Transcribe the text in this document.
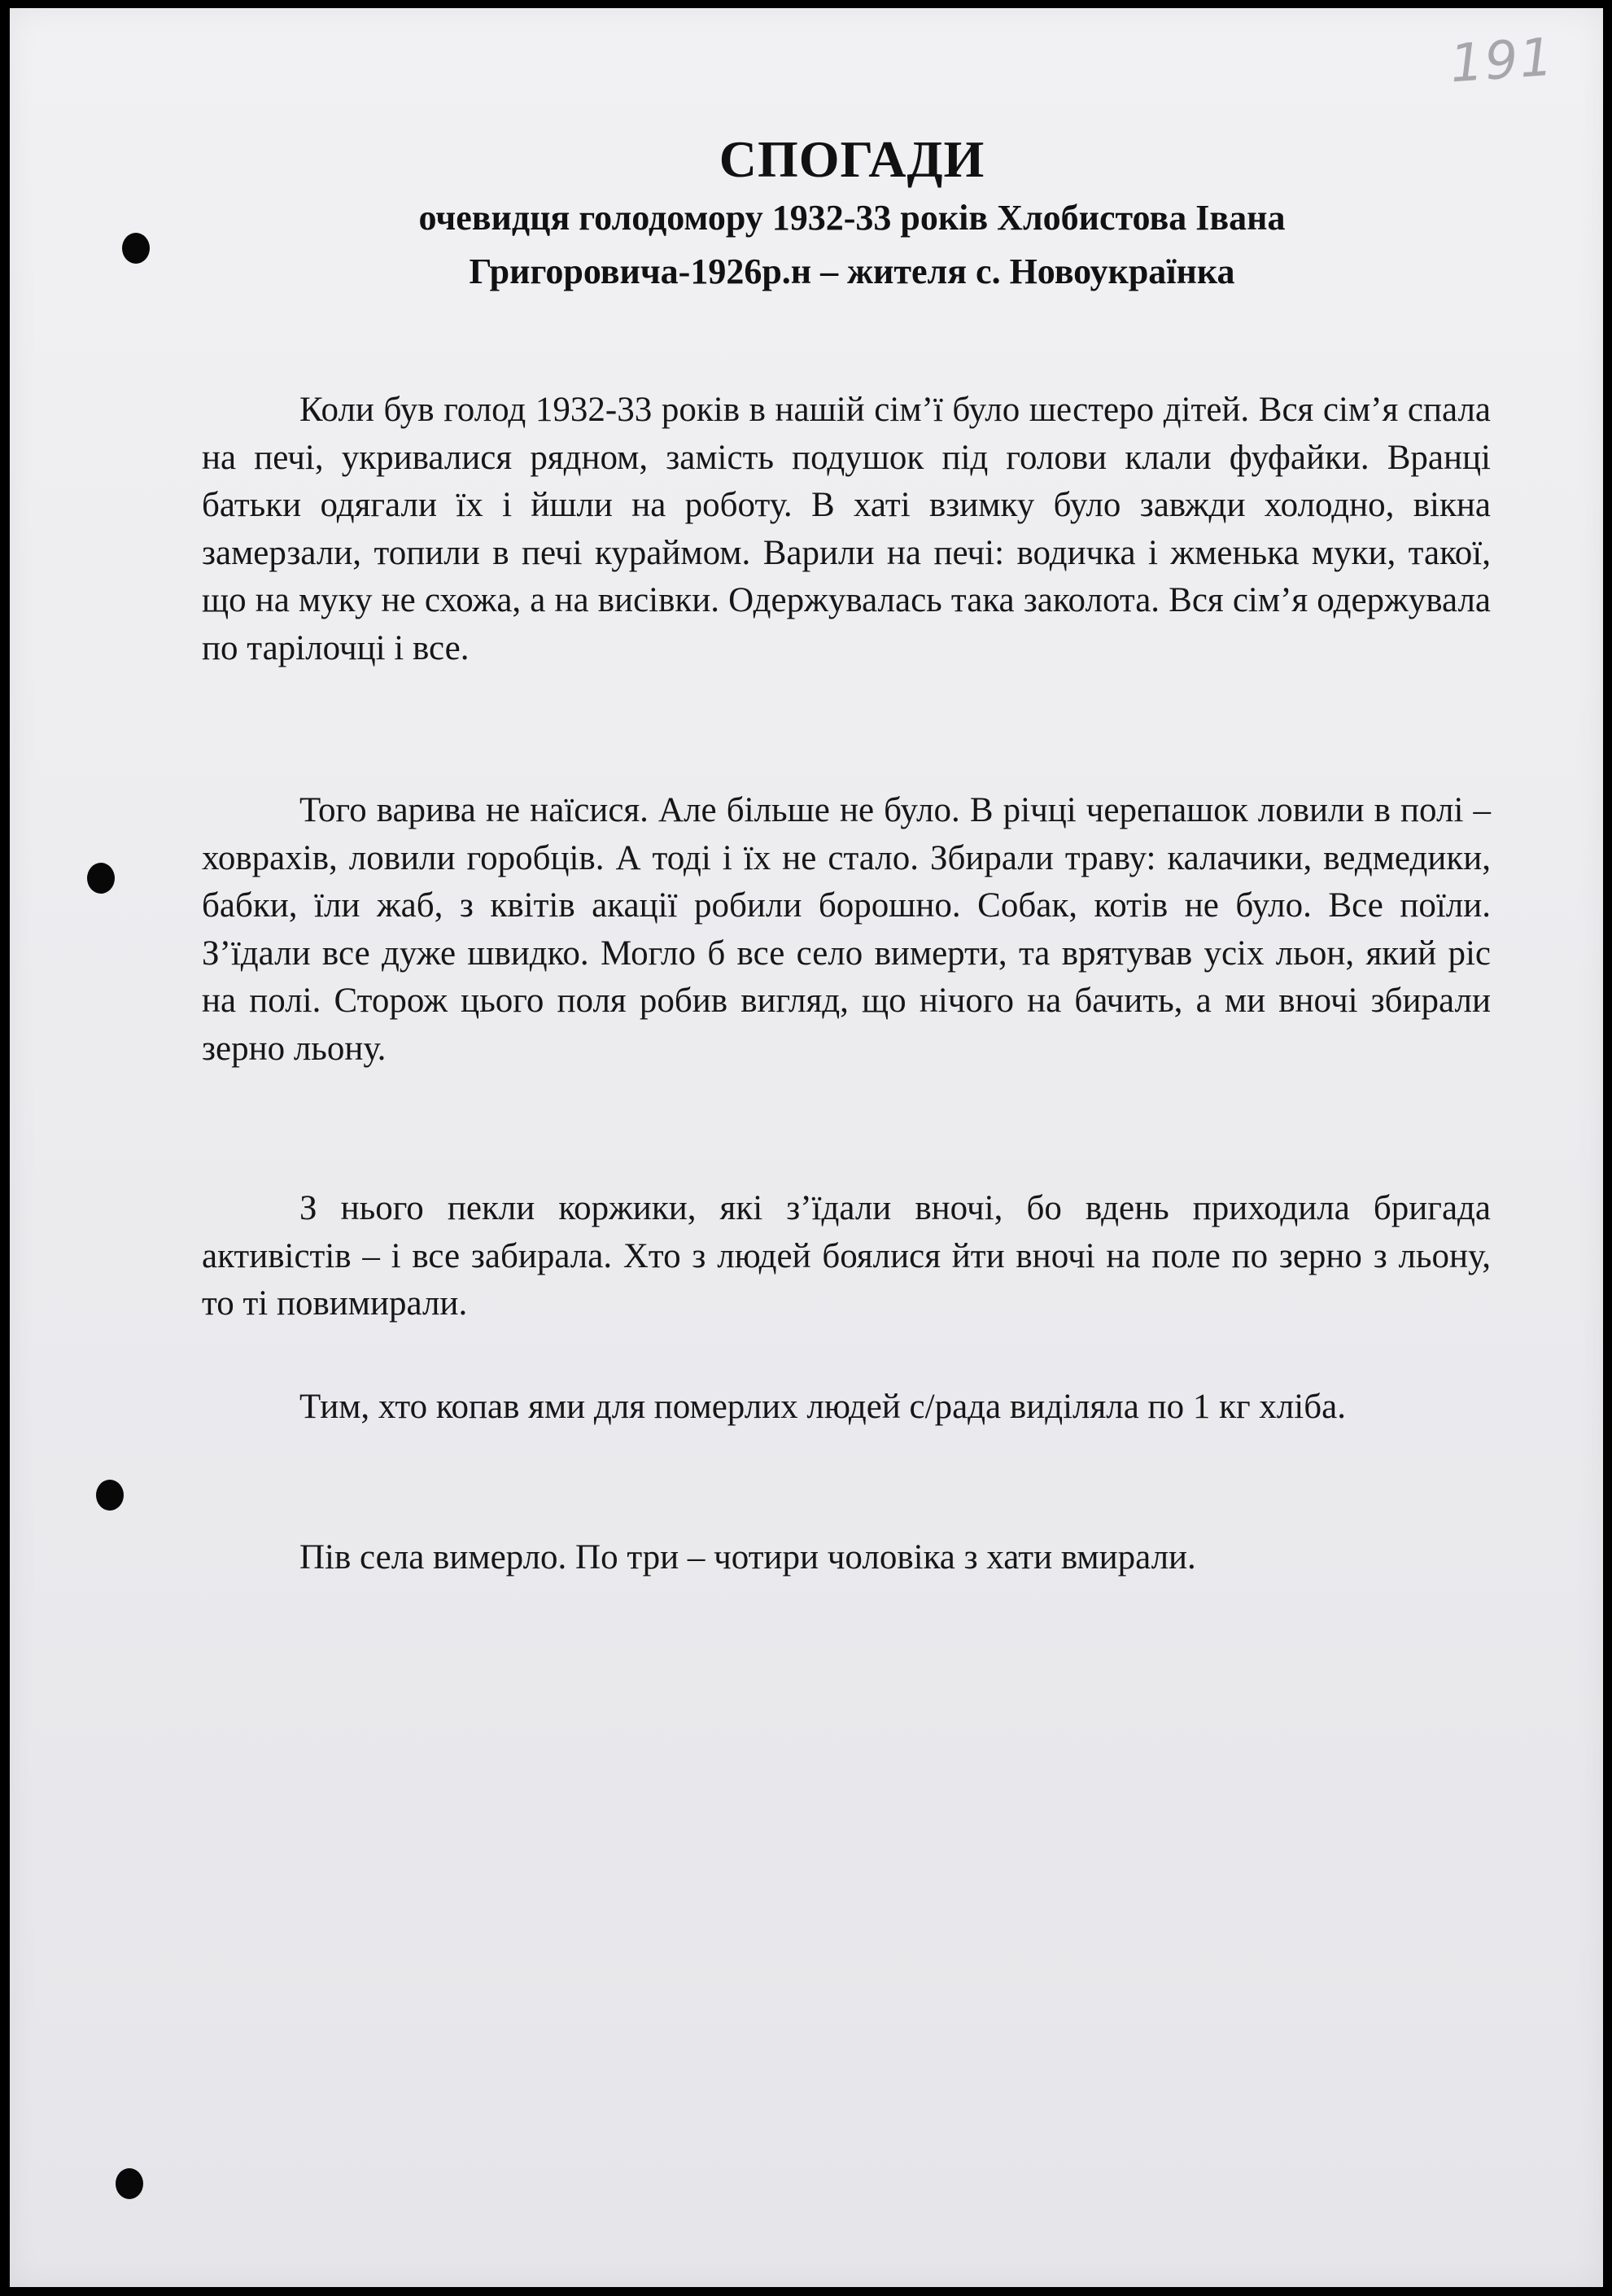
191
СПОГАДИ
очевидця голодомору 1932-33 років Хлобистова Івана
Григоровича-1926р.н – жителя с. Новоукраїнка

Коли був голод 1932-33 років в нашій сім’ї було шестеро дітей. Вся сім’я спала на печі, укривалися рядном, замість подушок під голови клали фуфайки. Вранці батьки одягали їх і йшли на роботу. В хаті взимку було завжди холодно, вікна замерзали, топили в печі кураймом. Варили на печі: водичка і жменька муки, такої, що на муку не схожа, а на висівки. Одержувалась така заколота. Вся сім’я одержувала по тарілочці і все.

Того варива не наїсися. Але більше не було. В річці черепашок ловили в полі – ховрахів, ловили горобців. А тоді і їх не стало. Збирали траву: калачики, ведмедики, бабки, їли жаб, з квітів акації робили борошно. Собак, котів не було. Все поїли. З’їдали все дуже швидко. Могло б все село вимерти, та врятував усіх льон, який ріс на полі. Сторож цього поля робив вигляд, що нічого на бачить, а ми вночі збирали зерно льону.

З нього пекли коржики, які з’їдали вночі, бо вдень приходила бригада активістів – і все забирала. Хто з людей боялися йти вночі на поле по зерно з льону, то ті повимирали.

Тим, хто копав ями для померлих людей с/рада виділяла по 1 кг хліба.

Пів села вимерло. По три – чотири чоловіка з хати вмирали.
